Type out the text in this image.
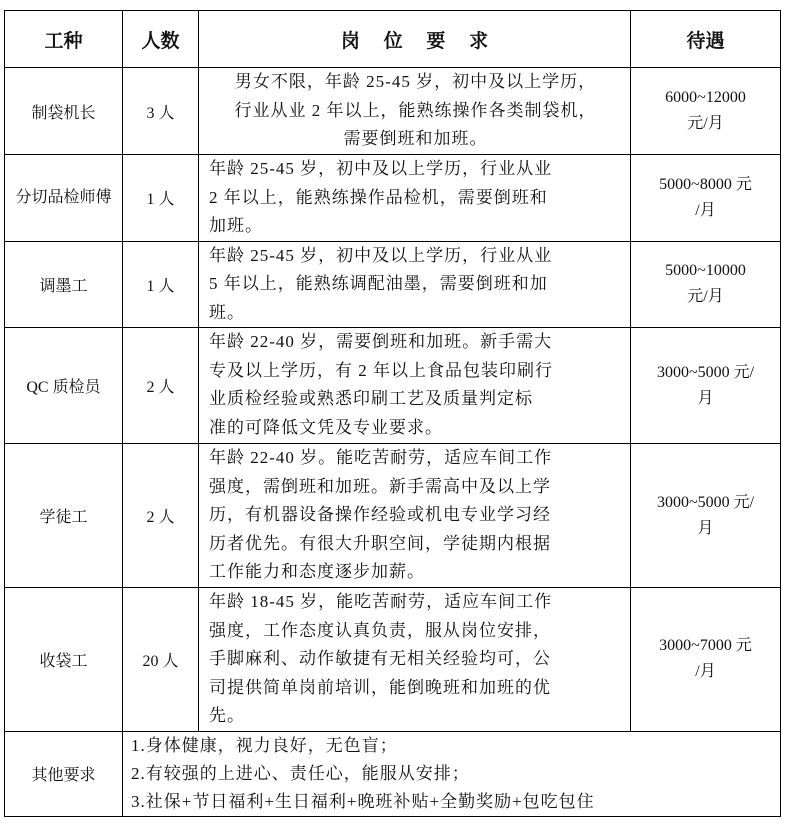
工种	人数	岗　 位　 要　 求	待遇
制袋机长	3 人	男女不限，年龄 25-45 岁，初中及以上学历，
行业从业 2 年以上，能熟练操作各类制袋机，
需要倒班和加班。	6000~12000
元/月
分切品检师傅	1 人	年龄 25-45 岁，初中及以上学历，行业从业
2 年以上，能熟练操作品检机，需要倒班和
加班。	5000~8000 元
/月
调墨工	1 人	年龄 25-45 岁，初中及以上学历，行业从业
5 年以上，能熟练调配油墨，需要倒班和加
班。	5000~10000
元/月
QC 质检员	2 人	年龄 22-40 岁，需要倒班和加班。新手需大
专及以上学历，有 2 年以上食品包装印刷行
业质检经验或熟悉印刷工艺及质量判定标
准的可降低文凭及专业要求。	3000~5000 元/
月
学徒工	2 人	年龄 22-40 岁。能吃苦耐劳，适应车间工作
强度，需倒班和加班。新手需高中及以上学
历，有机器设备操作经验或机电专业学习经
历者优先。有很大升职空间，学徒期内根据
工作能力和态度逐步加薪。	3000~5000 元/
月
收袋工	20 人	年龄 18-45 岁，能吃苦耐劳，适应车间工作
强度，工作态度认真负责，服从岗位安排，
手脚麻利、动作敏捷有无相关经验均可，公
司提供简单岗前培训，能倒晚班和加班的优
先。	3000~7000 元
/月
其他要求	1.身体健康，视力良好，无色盲；
2.有较强的上进心、责任心，能服从安排；
3.社保+节日福利+生日福利+晚班补贴+全勤奖励+包吃包住		
